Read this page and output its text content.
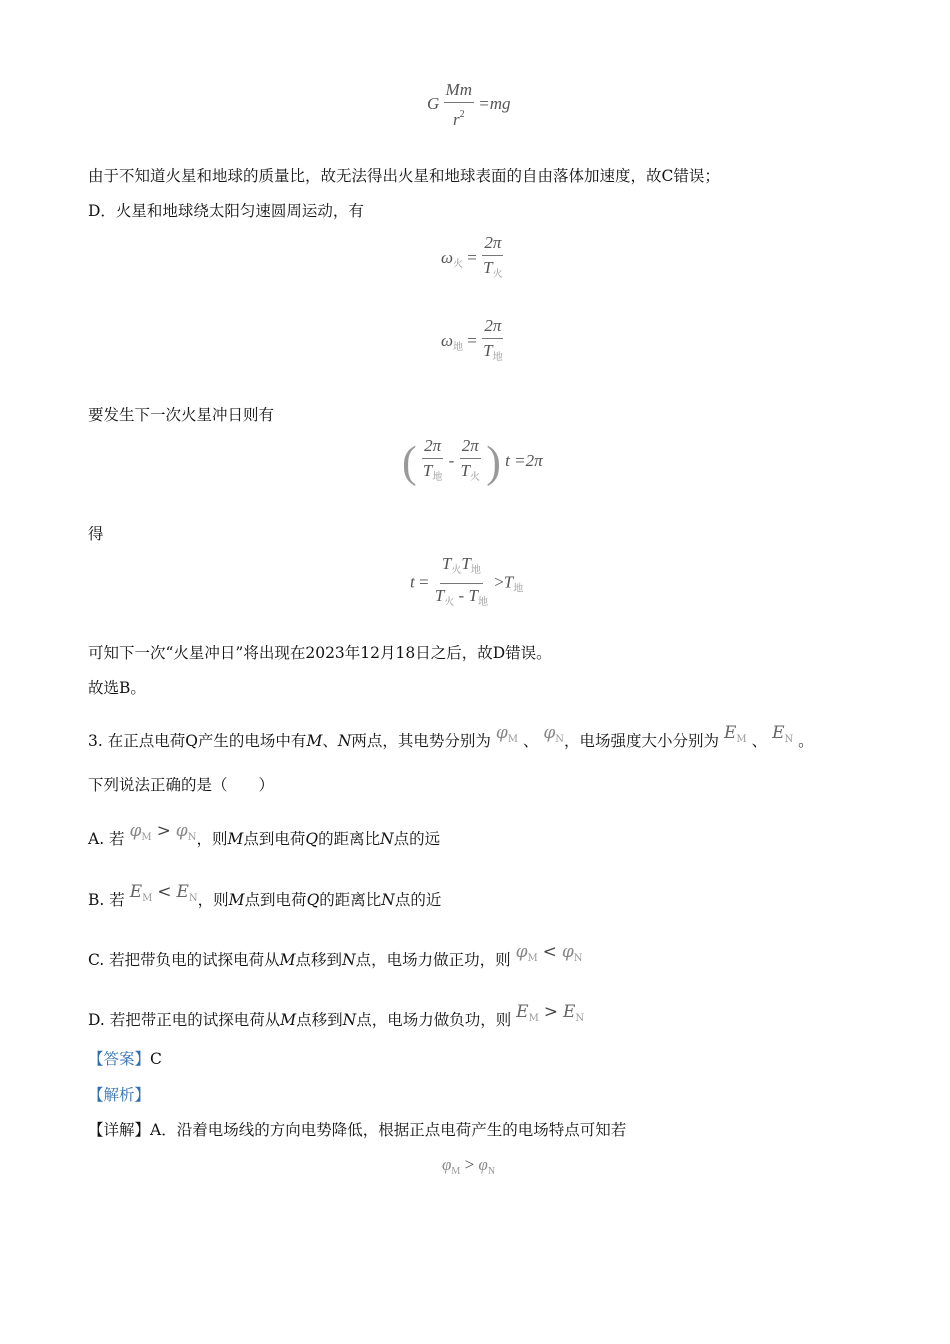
G $\frac{Mm}{r^2} =mg$
由于不知道火星和地球的质量比，故无法得出火星和地球表面的自由落体加速度，故C错误；
D．火星和地球绕太阳匀速圆周运动，有
$\omega_火 = \frac{2\pi}{T_火}$
$\omega_地 = \frac{2\pi}{T_地}$
要发生下一次火星冲日则有
( $\frac{2\pi}{T_地} - \frac{2\pi}{T_火}$ ) t =2π
得
$t = \frac{T_火T_地}{T_火 - T_地} >T_地$
可知下一次“火星冲日”将出现在2023年12月18日之后，故D错误。
故选B。
3. 在正点电荷Q产生的电场中有M、N两点，其电势分别为 $\varphi^M$ 、 $\varphi^N$，电场强度大小分别为 $E^M$ 、 $E^N$ 。
下列说法正确的是（　　）
A. 若 $\varphi^M > \varphi^N$，则M点到电荷Q的距离比N点的远
B. 若 $E^M < E^N$，则M点到电荷Q的距离比N点的近
C. 若把带负电的试探电荷从M点移到N点，电场力做正功，则 $\varphi^M < \varphi^N$
D. 若把带正电的试探电荷从M点移到N点，电场力做负功，则 $E^M > E^N$
【答案】C
【解析】
【详解】A．沿着电场线的方向电势降低，根据正点电荷产生的电场特点可知若
$\varphi_M > \varphi_N$
